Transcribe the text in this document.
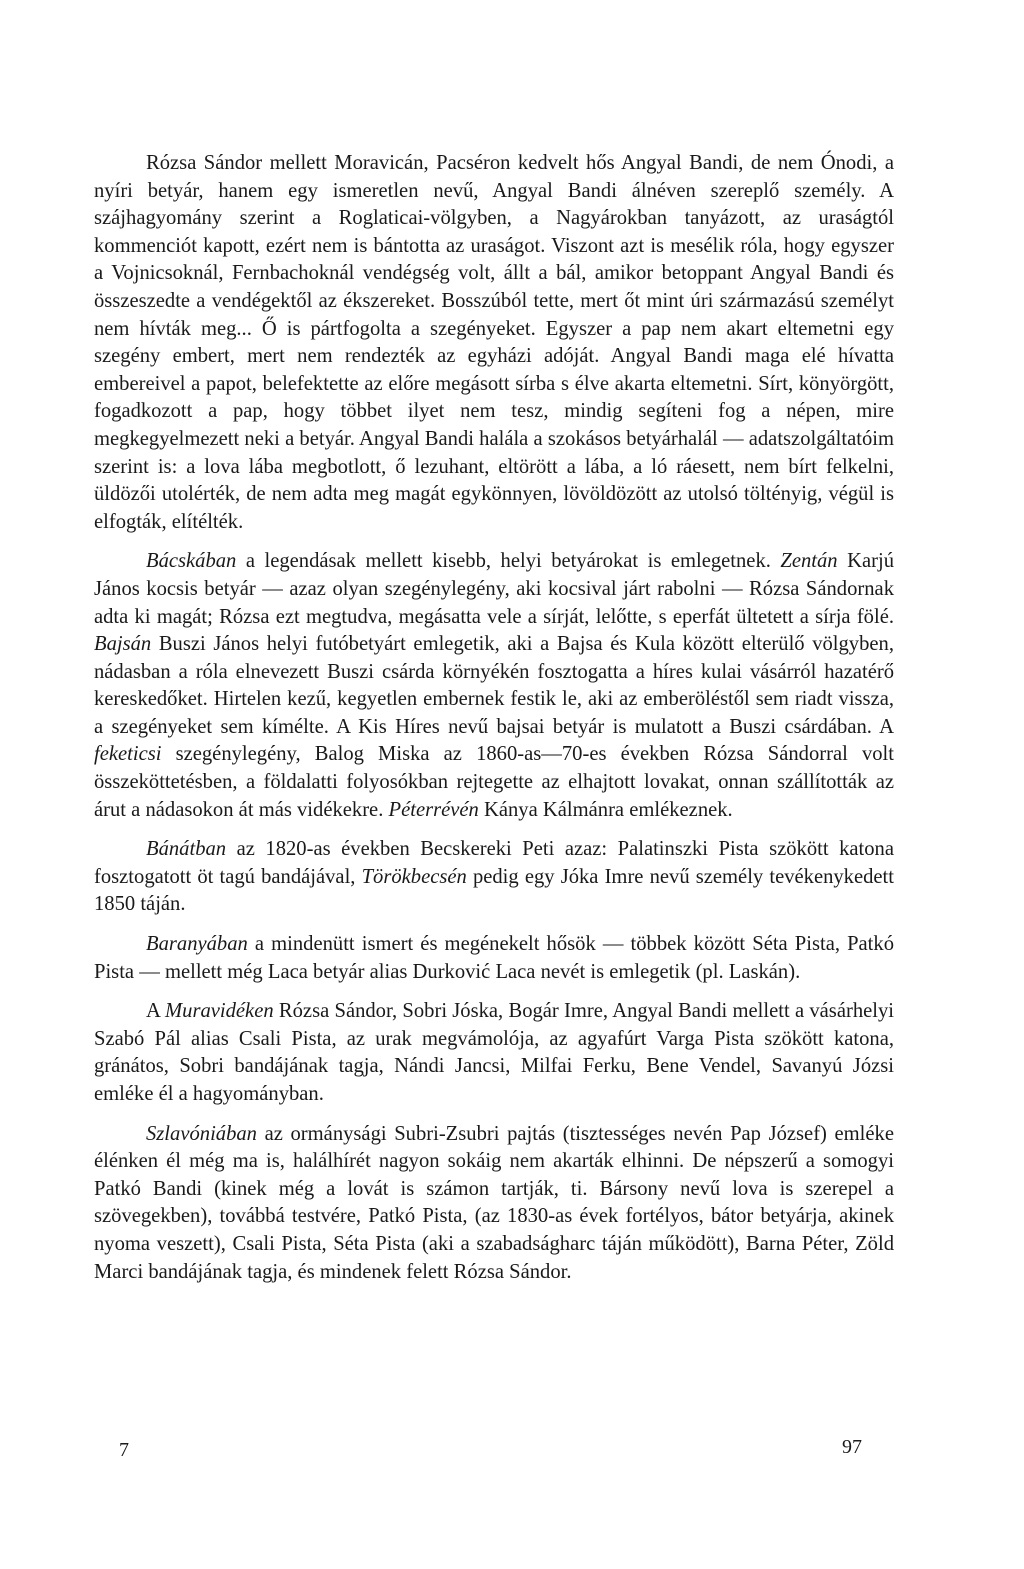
Rózsa Sándor mellett Moravicán, Pacséron kedvelt hős Angyal Bandi, de nem Ónodi, a nyíri betyár, hanem egy ismeretlen nevű, Angyal Bandi álnéven szereplő személy. A szájhagyomány szerint a Roglaticai-völgyben, a Nagyárokban tanyázott, az uraságtól kommenciót kapott, ezért nem is bántotta az uraságot. Viszont azt is mesélik róla, hogy egyszer a Vojnicsoknál, Fernbachoknál vendégség volt, állt a bál, amikor betoppant Angyal Bandi és összeszedte a vendégektől az ékszereket. Bosszúból tette, mert őt mint úri származású személyt nem hívták meg... Ő is pártfogolta a szegényeket. Egyszer a pap nem akart eltemetni egy szegény embert, mert nem rendezték az egyházi adóját. Angyal Bandi maga elé hívatta embereivel a papot, belefektette az előre megásott sírba s élve akarta eltemetni. Sírt, könyörgött, fogadkozott a pap, hogy többet ilyet nem tesz, mindig segíteni fog a népen, mire megkegyelmezett neki a betyár. Angyal Bandi halála a szokásos betyárhalál — adatszolgáltatóim szerint is: a lova lába megbotlott, ő lezuhant, eltörött a lába, a ló ráesett, nem bírt felkelni, üldözői utolérték, de nem adta meg magát egykönnyen, lövöldözött az utolsó töltényig, végül is elfogták, elítélték.

Bácskában a legendásak mellett kisebb, helyi betyárokat is emlegetnek. Zentán Karjú János kocsis betyár — azaz olyan szegénylegény, aki kocsival járt rabolni — Rózsa Sándornak adta ki magát; Rózsa ezt megtudva, megásatta vele a sírját, lelőtte, s eperfát ültetett a sírja fölé. Bajsán Buszi János helyi futóbetyárt emlegetik, aki a Bajsa és Kula között elterülő völgyben, nádasban a róla elnevezett Buszi csárda környékén fosztogatta a híres kulai vásárról hazatérő kereskedőket. Hirtelen kezű, kegyetlen embernek festik le, aki az emberöléstől sem riadt vissza, a szegényeket sem kímélte. A Kis Híres nevű bajsai betyár is mulatott a Buszi csárdában. A feketicsi szegénylegény, Balog Miska az 1860-as—70-es években Rózsa Sándorral volt összeköttetésben, a földalatti folyosókban rejtegette az elhajtott lovakat, onnan szállították az árut a nádasokon át más vidékekre. Péterrévén Kánya Kálmánra emlékeznek.

Bánátban az 1820-as években Becskereki Peti azaz: Palatinszki Pista szökött katona fosztogatott öt tagú bandájával, Törökbecsén pedig egy Jóka Imre nevű személy tevékenykedett 1850 táján.

Baranyában a mindenütt ismert és megénekelt hősök — többek között Séta Pista, Patkó Pista — mellett még Laca betyár alias Durković Laca nevét is emlegetik (pl. Laskán).

A Muravidéken Rózsa Sándor, Sobri Jóska, Bogár Imre, Angyal Bandi mellett a vásárhelyi Szabó Pál alias Csali Pista, az urak megvámolója, az agyafúrt Varga Pista szökött katona, gránátos, Sobri bandájának tagja, Nándi Jancsi, Milfai Ferku, Bene Vendel, Savanyú Józsi emléke él a hagyományban.

Szlavóniában az ormánysági Subri-Zsubri pajtás (tisztességes nevén Pap József) emléke élénken él még ma is, halálhírét nagyon sokáig nem akarták elhinni. De népszerű a somogyi Patkó Bandi (kinek még a lovát is számon tartják, ti. Bársony nevű lova is szerepel a szövegekben), továbbá testvére, Patkó Pista, (az 1830-as évek fortélyos, bátor betyárja, akinek nyoma veszett), Csali Pista, Séta Pista (aki a szabadságharc táján működött), Barna Péter, Zöld Marci bandájának tagja, és mindenek felett Rózsa Sándor.

7	97
